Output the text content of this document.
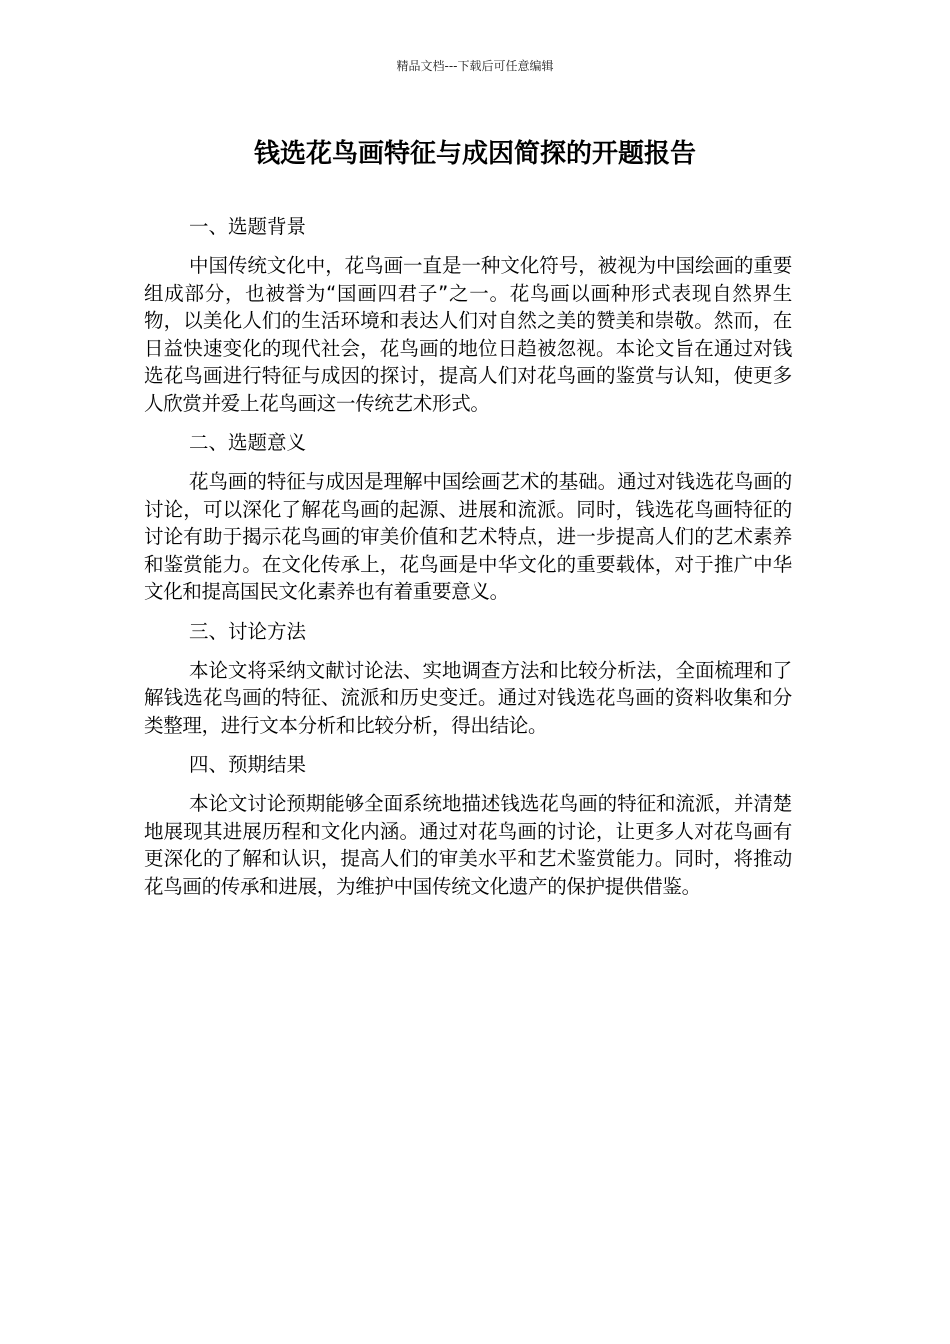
精品文档---下载后可任意编辑
钱选花鸟画特征与成因简探的开题报告
一、选题背景

中国传统文化中，花鸟画一直是一种文化符号，被视为中国绘画的重要组成部分，也被誉为“国画四君子”之一。花鸟画以画种形式表现自然界生物，以美化人们的生活环境和表达人们对自然之美的赞美和崇敬。然而，在日益快速变化的现代社会，花鸟画的地位日趋被忽视。本论文旨在通过对钱选花鸟画进行特征与成因的探讨，提高人们对花鸟画的鉴赏与认知，使更多人欣赏并爱上花鸟画这一传统艺术形式。

二、选题意义

花鸟画的特征与成因是理解中国绘画艺术的基础。通过对钱选花鸟画的讨论，可以深化了解花鸟画的起源、进展和流派。同时，钱选花鸟画特征的讨论有助于揭示花鸟画的审美价值和艺术特点，进一步提高人们的艺术素养和鉴赏能力。在文化传承上，花鸟画是中华文化的重要载体，对于推广中华文化和提高国民文化素养也有着重要意义。

三、讨论方法

本论文将采纳文献讨论法、实地调查方法和比较分析法，全面梳理和了解钱选花鸟画的特征、流派和历史变迁。通过对钱选花鸟画的资料收集和分类整理，进行文本分析和比较分析，得出结论。

四、预期结果

本论文讨论预期能够全面系统地描述钱选花鸟画的特征和流派，并清楚地展现其进展历程和文化内涵。通过对花鸟画的讨论，让更多人对花鸟画有更深化的了解和认识，提高人们的审美水平和艺术鉴赏能力。同时，将推动花鸟画的传承和进展，为维护中国传统文化遗产的保护提供借鉴。
